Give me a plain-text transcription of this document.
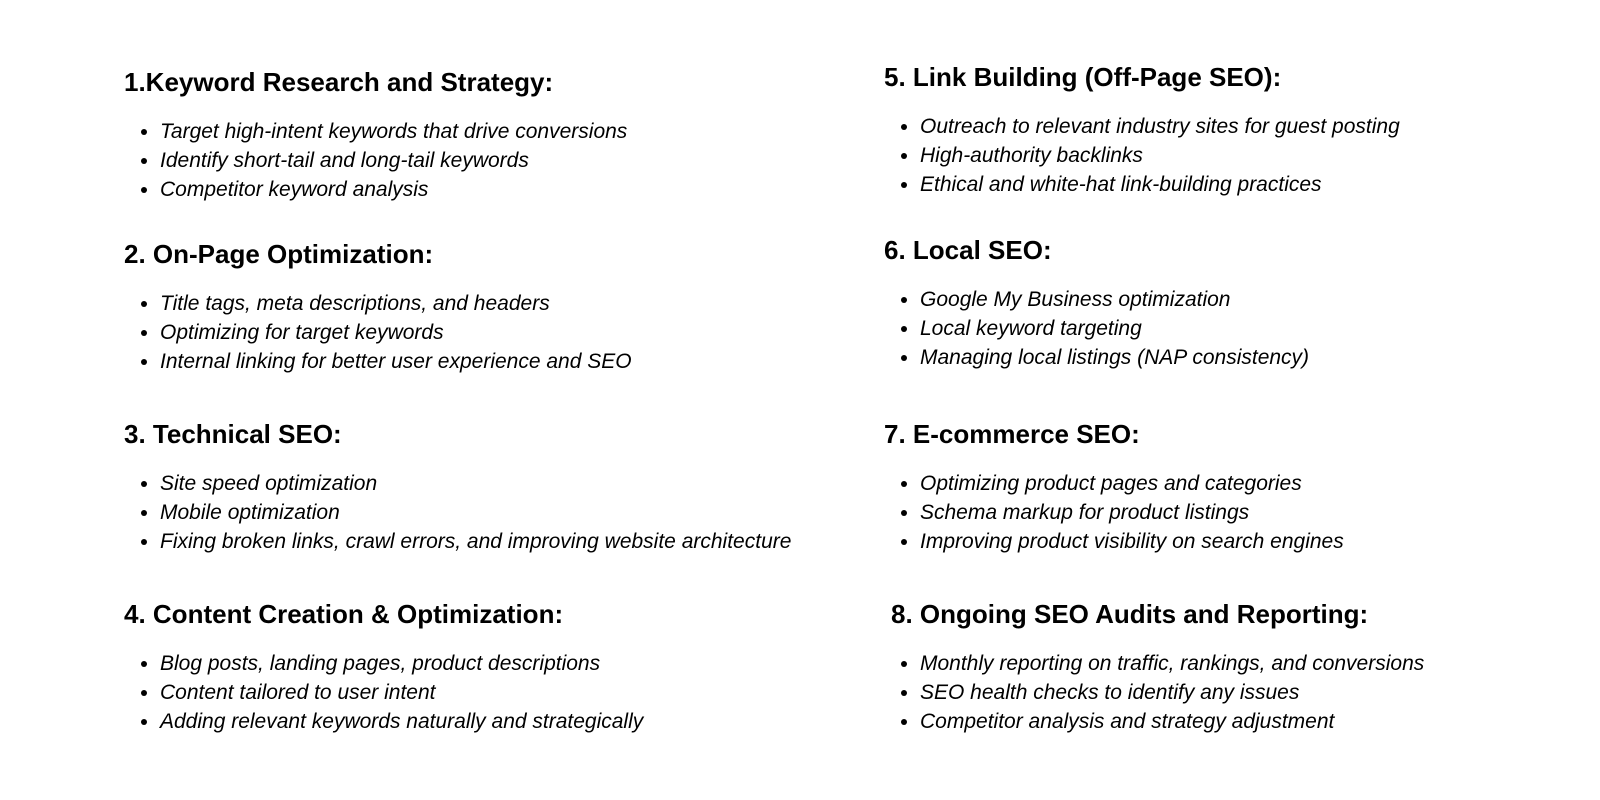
1.Keyword Research and Strategy:
Target high-intent keywords that drive conversions
Identify short-tail and long-tail keywords
Competitor keyword analysis
2. On-Page Optimization:
Title tags, meta descriptions, and headers
Optimizing for target keywords
Internal linking for better user experience and SEO
3. Technical SEO:
Site speed optimization
Mobile optimization
Fixing broken links, crawl errors, and improving website architecture
4. Content Creation & Optimization:
Blog posts, landing pages, product descriptions
Content tailored to user intent
Adding relevant keywords naturally and strategically
5. Link Building (Off-Page SEO):
Outreach to relevant industry sites for guest posting
High-authority backlinks
Ethical and white-hat link-building practices
6. Local SEO:
Google My Business optimization
Local keyword targeting
Managing local listings (NAP consistency)
7. E-commerce SEO:
Optimizing product pages and categories
Schema markup for product listings
Improving product visibility on search engines
8. Ongoing SEO Audits and Reporting:
Monthly reporting on traffic, rankings, and conversions
SEO health checks to identify any issues
Competitor analysis and strategy adjustment
